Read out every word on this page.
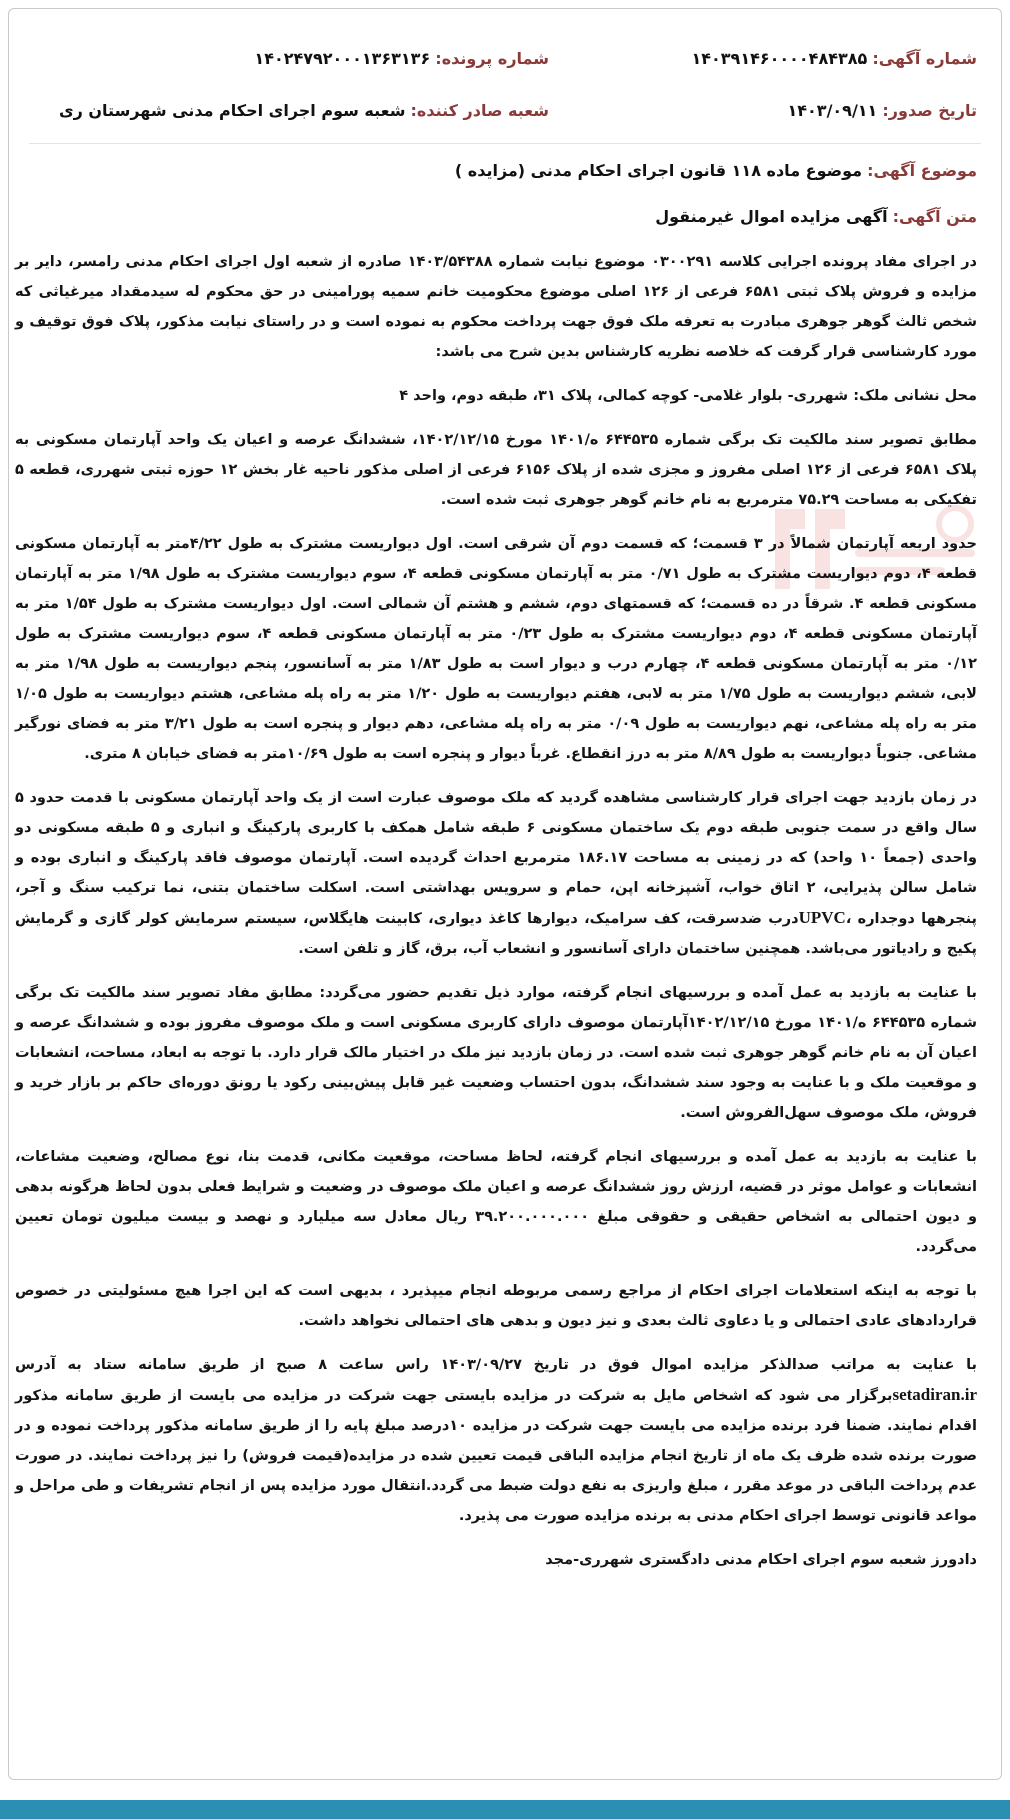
شماره آگهی: ۱۴۰۳۹۱۴۶۰۰۰۰۴۸۴۳۸۵
شماره پرونده: ۱۴۰۲۴۷۹۲۰۰۰۱۳۶۳۱۳۶
تاریخ صدور: ۱۴۰۳/۰۹/۱۱
شعبه صادر کننده: شعبه سوم اجرای احکام مدنی شهرستان ری
موضوع آگهی: موضوع ماده ۱۱۸ قانون اجرای احکام مدنی (مزایده )
متن آگهی: آگهی مزایده اموال غیرمنقول

در اجرای مفاد پرونده اجرایی کلاسه ۰۳۰۰۲۹۱ موضوع نیابت شماره ۱۴۰۳/۵۴۳۸۸ صادره از شعبه اول اجرای احکام مدنی رامسر، دایر بر مزایده و فروش پلاک ثبتی ۶۵۸۱ فرعی از ۱۲۶ اصلی موضوع محکومیت خانم سمیه پورامینی در حق محکوم له سیدمقداد میرغیاثی که شخص ثالث گوهر جوهری مبادرت به تعرفه ملک فوق جهت پرداخت محکوم به نموده است و در راستای نیابت مذکور، پلاک فوق توقیف و مورد کارشناسی قرار گرفت که خلاصه نظریه کارشناس بدین شرح می باشد:

محل نشانی ملک: شهرری- بلوار غلامی- کوچه کمالی، پلاک ۳۱، طبقه دوم، واحد ۴

مطابق تصویر سند مالکیت تک برگی شماره ۶۴۴۵۳۵ ه/۱۴۰۱ مورخ ۱۴۰۲/۱۲/۱۵، ششدانگ عرصه و اعیان یک واحد آپارتمان مسکونی به پلاک ۶۵۸۱ فرعی از ۱۲۶ اصلی مفروز و مجزی شده از پلاک ۶۱۵۶ فرعی از اصلی مذکور ناحیه غار بخش ۱۲ حوزه ثبتی شهرری، قطعه ۵ تفکیکی به مساحت ۷۵.۲۹ مترمربع به نام خانم گوهر جوهری ثبت شده است.

حدود اربعه آپارتمان شمالاً در ۳ قسمت؛ که قسمت دوم آن شرقی است. اول دیواریست مشترک به طول ۴/۲۲متر به آپارتمان مسکونی قطعه ۴، دوم دیواریست مشترک به طول ۰/۷۱ متر به آپارتمان مسکونی قطعه ۴، سوم دیواریست مشترک به طول ۱/۹۸ متر به آپارتمان مسکونی قطعه ۴. شرقاً در ده قسمت؛ که قسمتهای دوم، ششم و هشتم آن شمالی است. اول دیواریست مشترک به طول ۱/۵۴ متر به آپارتمان مسکونی قطعه ۴، دوم دیواریست مشترک به طول ۰/۲۳ متر به آپارتمان مسکونی قطعه ۴، سوم دیواریست مشترک به طول ۰/۱۲ متر به آپارتمان مسکونی قطعه ۴، چهارم درب و دیوار است به طول ۱/۸۳ متر به آسانسور، پنجم دیواریست به طول ۱/۹۸ متر به لابی، ششم دیواریست به طول ۱/۷۵ متر به لابی، هفتم دیواریست به طول ۱/۲۰ متر به راه پله مشاعی، هشتم دیواریست به طول ۱/۰۵ متر به راه پله مشاعی، نهم دیواریست به طول ۰/۰۹ متر به راه پله مشاعی، دهم دیوار و پنجره است به طول ۳/۲۱ متر به فضای نورگیر مشاعی. جنوباً دیواریست به طول ۸/۸۹ متر به درز انقطاع. غرباً دیوار و پنجره است به طول ۱۰/۶۹متر به فضای خیابان ۸ متری.

در زمان بازدید جهت اجرای قرار کارشناسی مشاهده گردید که ملک موصوف عبارت است از یک واحد آپارتمان مسکونی با قدمت حدود ۵ سال واقع در سمت جنوبی طبقه دوم یک ساختمان مسکونی ۶ طبقه شامل همکف با کاربری پارکینگ و انباری و ۵ طبقه مسکونی دو واحدی (جمعاً ۱۰ واحد) که در زمینی به مساحت ۱۸۶.۱۷ مترمربع احداث گردیده است. آپارتمان موصوف فاقد پارکینگ و انباری بوده و شامل سالن پذیرایی، ۲ اتاق خواب، آشپزخانه اپن، حمام و سرویس بهداشتی است. اسکلت ساختمان بتنی، نما ترکیب سنگ و آجر، پنجرهها دوجداره ،UPVCدرب ضدسرقت، کف سرامیک، دیوارها کاغذ دیواری، کابینت هایگلاس، سیستم سرمایش کولر گازی و گرمایش پکیج و رادیاتور می‌باشد. همچنین ساختمان دارای آسانسور و انشعاب آب، برق، گاز و تلفن است.

با عنایت به بازدید به عمل آمده و بررسیهای انجام گرفته، موارد ذیل تقدیم حضور می‌گردد: مطابق مفاد تصویر سند مالکیت تک برگی شماره ۶۴۴۵۳۵ ه/۱۴۰۱ مورخ ۱۴۰۲/۱۲/۱۵آپارتمان موصوف دارای کاربری مسکونی است و ملک موصوف مفروز بوده و ششدانگ عرصه و اعیان آن به نام خانم گوهر جوهری ثبت شده است. در زمان بازدید نیز ملک در اختیار مالک قرار دارد. با توجه به ابعاد، مساحت، انشعابات و موقعیت ملک و با عنایت به وجود سند ششدانگ، بدون احتساب وضعیت غیر قابل پیش‌بینی رکود یا رونق دوره‌ای حاکم بر بازار خرید و فروش، ملک موصوف سهل‌الفروش است.

با عنایت به بازدید به عمل آمده و بررسیهای انجام گرفته، لحاظ مساحت، موقعیت مکانی، قدمت بنا، نوع مصالح، وضعیت مشاعات، انشعابات و عوامل موثر در قضیه، ارزش روز ششدانگ عرصه و اعیان ملک موصوف در وضعیت و شرایط فعلی بدون لحاظ هرگونه بدهی و دیون احتمالی به اشخاص حقیقی و حقوقی مبلغ ۳۹.۲۰۰.۰۰۰.۰۰۰ ریال معادل سه میلیارد و نهصد و بیست میلیون تومان تعیین می‌گردد.

با توجه به اینکه استعلامات اجرای احکام از مراجع رسمی مربوطه انجام میپذیرد ، بدیهی است که این اجرا هیچ مسئولیتی در خصوص قراردادهای عادی احتمالی و یا دعاوی ثالث بعدی و نیز دیون و بدهی های احتمالی نخواهد داشت.

با عنایت به مراتب صدالذکر مزایده اموال فوق در تاریخ ۱۴۰۳/۰۹/۲۷ راس ساعت ۸ صبح از طریق سامانه ستاد به آدرس setadiran.irبرگزار می شود که اشخاص مایل به شرکت در مزایده بایستی جهت شرکت در مزایده می بایست از طریق سامانه مذکور اقدام نمایند. ضمنا فرد برنده مزایده می بایست جهت شرکت در مزایده ۱۰درصد مبلغ پایه را از طریق سامانه مذکور پرداخت نموده و در صورت برنده شده ظرف یک ماه از تاریخ انجام مزایده الباقی قیمت تعیین شده در مزایده(قیمت فروش) را نیز پرداخت نمایند. در صورت عدم پرداخت الباقی در موعد مقرر ، مبلغ واریزی به نفع دولت ضبط می گردد.انتقال مورد مزایده پس از انجام تشریفات و طی مراحل و مواعد قانونی توسط اجرای احکام مدنی به برنده مزایده صورت می پذیرد.

دادورز شعبه سوم اجرای احکام مدنی دادگستری شهرری-مجد
